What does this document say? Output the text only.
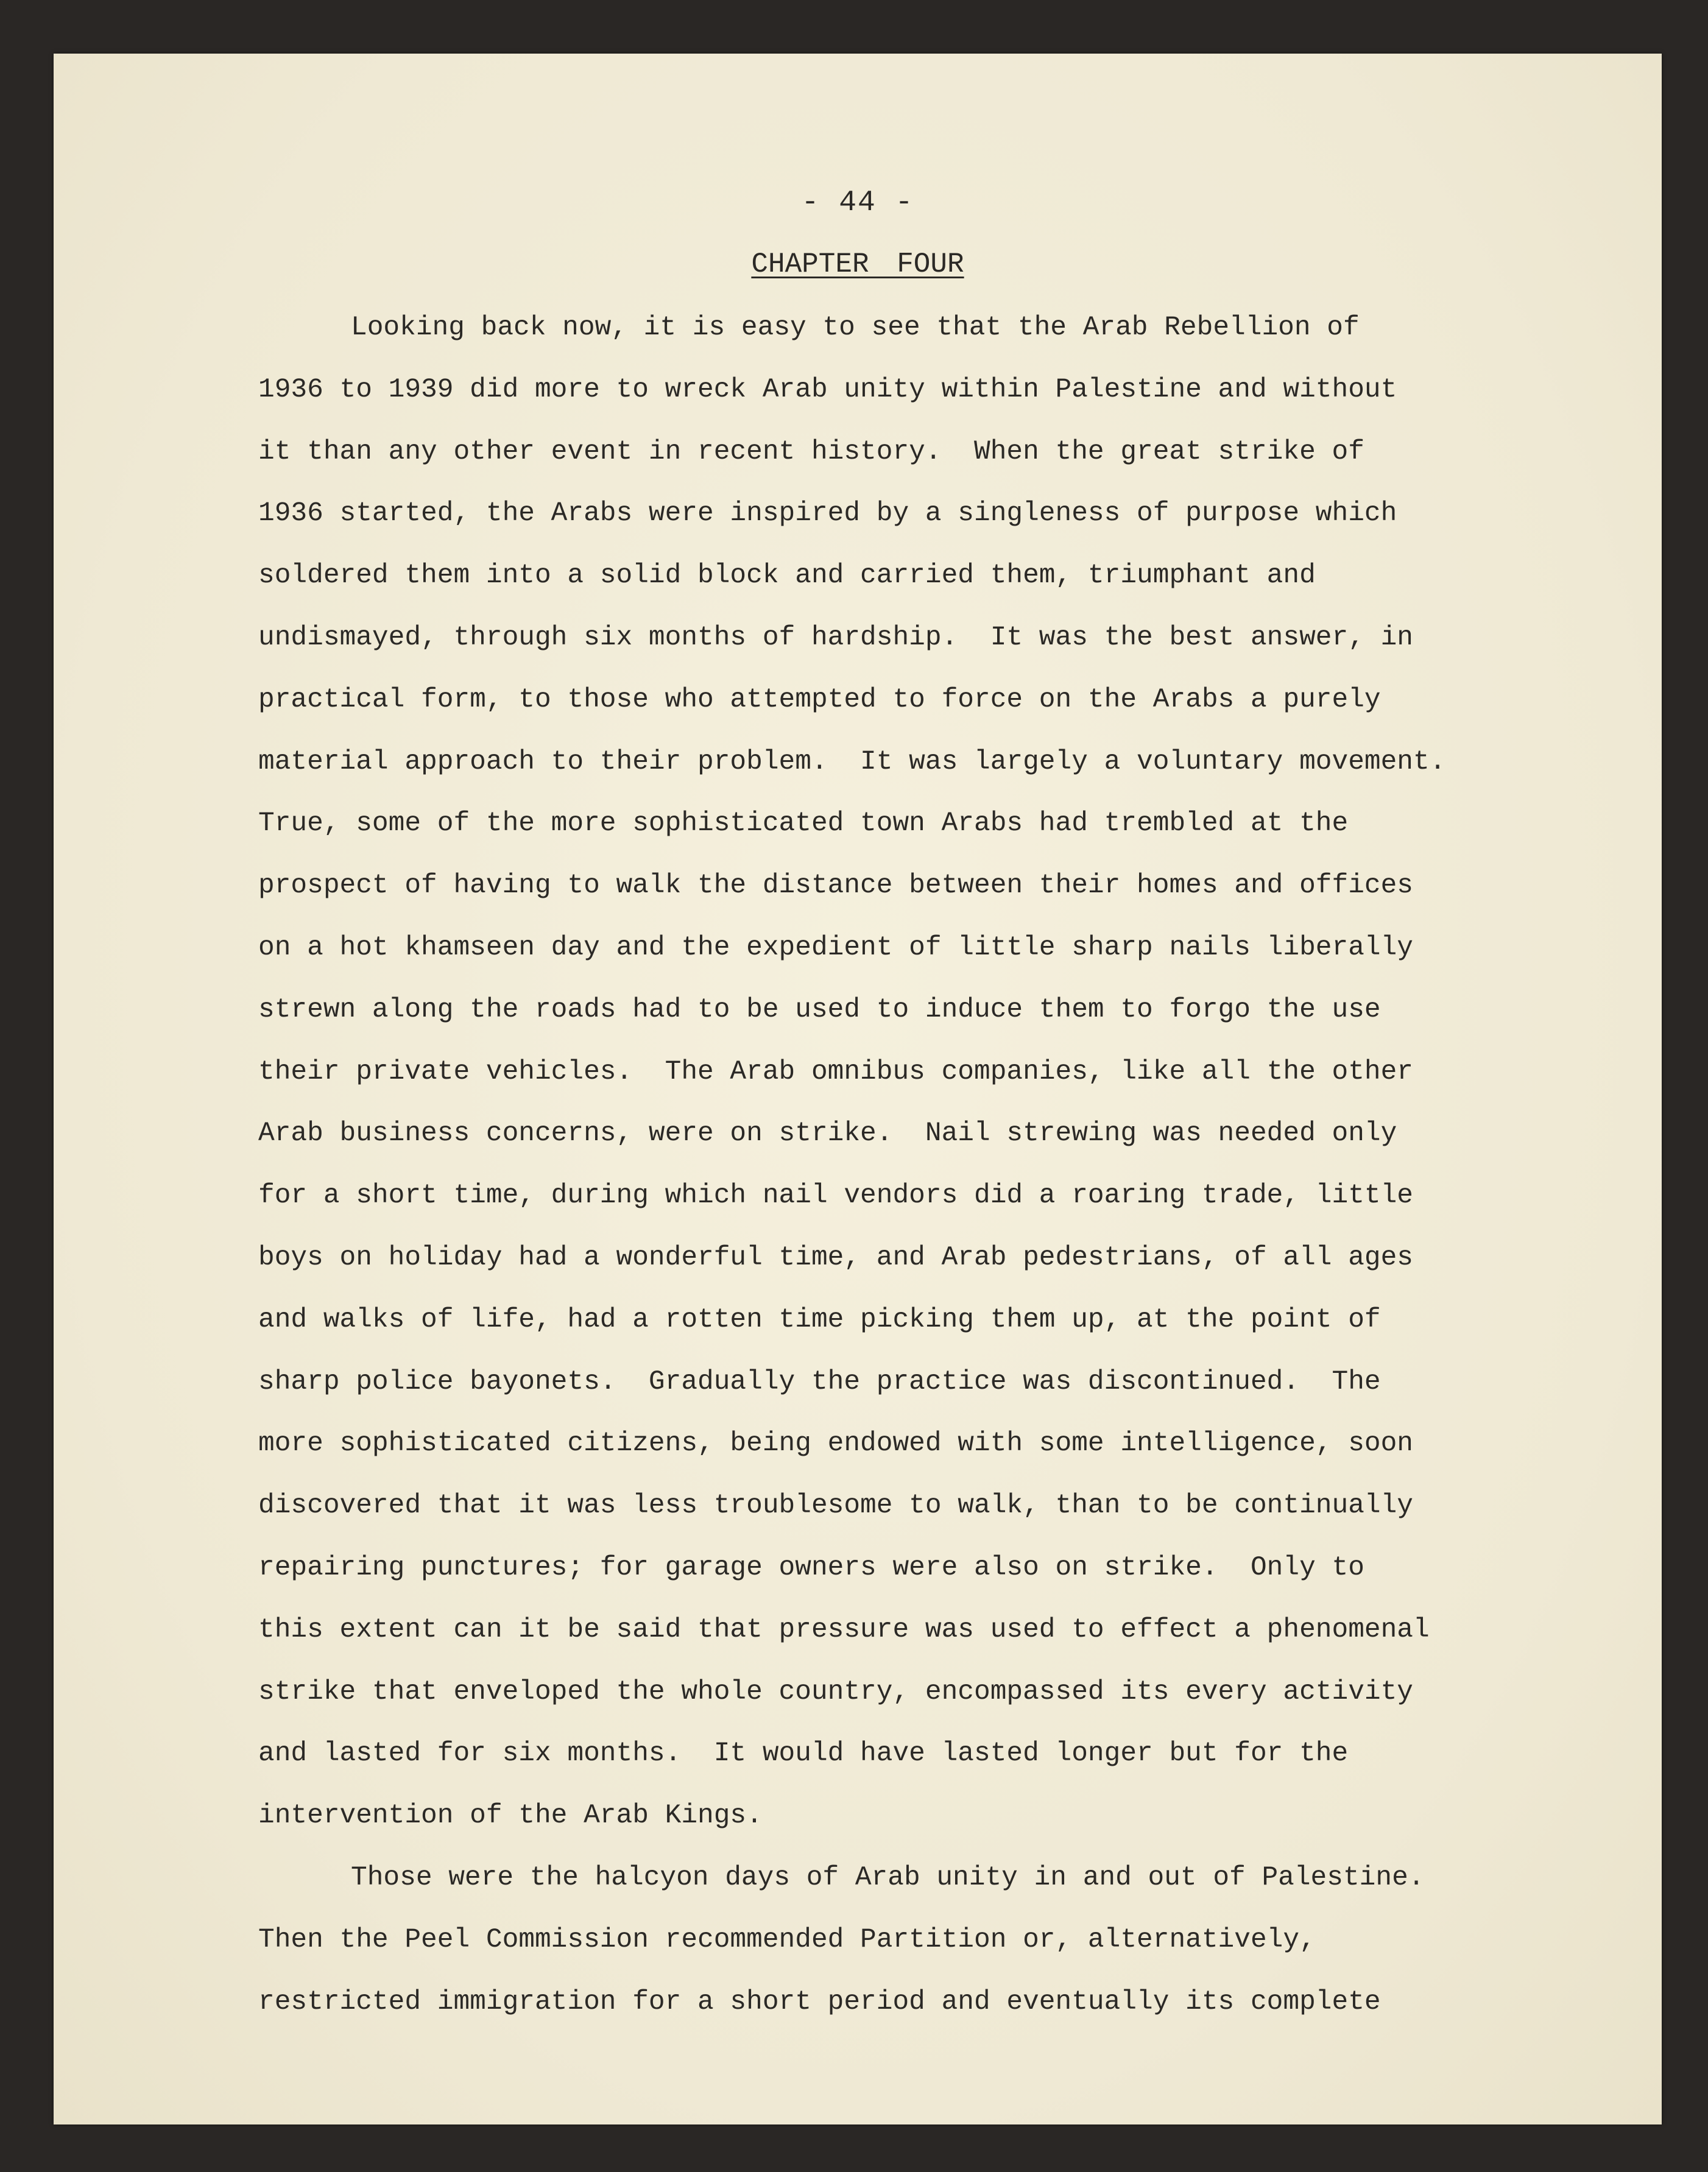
- 44 -

CHAPTER FOUR
Looking back now, it is easy to see that the Arab Rebellion of
1936 to 1939 did more to wreck Arab unity within Palestine and without
it than any other event in recent history.  When the great strike of
1936 started, the Arabs were inspired by a singleness of purpose which
soldered them into a solid block and carried them, triumphant and
undismayed, through six months of hardship.  It was the best answer, in
practical form, to those who attempted to force on the Arabs a purely
material approach to their problem.  It was largely a voluntary movement.
True, some of the more sophisticated town Arabs had trembled at the
prospect of having to walk the distance between their homes and offices
on a hot khamseen day and the expedient of little sharp nails liberally
strewn along the roads had to be used to induce them to forgo the use
their private vehicles.  The Arab omnibus companies, like all the other
Arab business concerns, were on strike.  Nail strewing was needed only
for a short time, during which nail vendors did a roaring trade, little
boys on holiday had a wonderful time, and Arab pedestrians, of all ages
and walks of life, had a rotten time picking them up, at the point of
sharp police bayonets.  Gradually the practice was discontinued.  The
more sophisticated citizens, being endowed with some intelligence, soon
discovered that it was less troublesome to walk, than to be continually
repairing punctures; for garage owners were also on strike.  Only to
this extent can it be said that pressure was used to effect a phenomenal
strike that enveloped the whole country, encompassed its every activity
and lasted for six months.  It would have lasted longer but for the
intervention of the Arab Kings.
Those were the halcyon days of Arab unity in and out of Palestine.
Then the Peel Commission recommended Partition or, alternatively,
restricted immigration for a short period and eventually its complete
